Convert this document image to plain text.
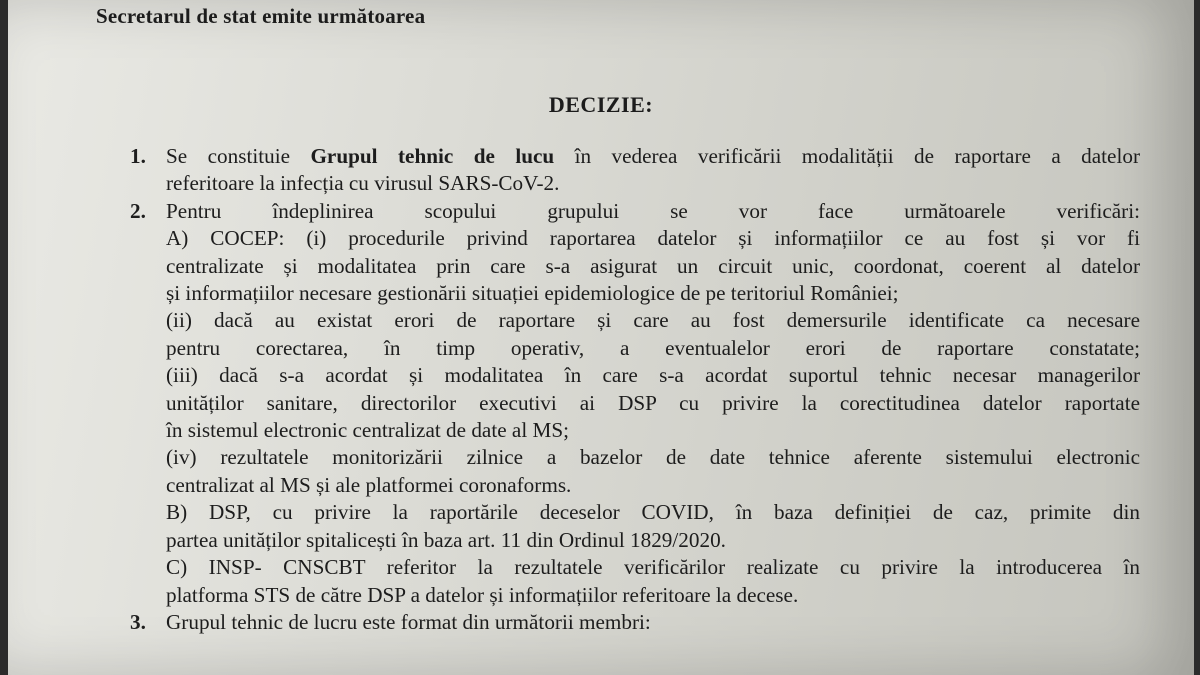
Secretarul de stat emite următoarea
DECIZIE:
1. Se constituie Grupul tehnic de lucu în vederea verificării modalității de raportare a datelor
referitoare la infecția cu virusul SARS-CoV-2.
2. Pentru îndeplinirea scopului grupului se vor face următoarele verificări:
A) COCEP: (i) procedurile privind raportarea datelor și informațiilor ce au fost și vor fi
centralizate și modalitatea prin care s-a asigurat un circuit unic, coordonat, coerent al datelor
și informațiilor necesare gestionării situației epidemiologice de pe teritoriul României;
(ii) dacă au existat erori de raportare și care au fost demersurile identificate ca necesare
pentru corectarea, în timp operativ, a eventualelor erori de raportare constatate;
(iii) dacă s-a acordat și modalitatea în care s-a acordat suportul tehnic necesar managerilor
unităților sanitare, directorilor executivi ai DSP cu privire la corectitudinea datelor raportate
în sistemul electronic centralizat de date al MS;
(iv) rezultatele monitorizării zilnice a bazelor de date tehnice aferente sistemului electronic
centralizat al MS și ale platformei coronaforms.
B) DSP, cu privire la raportările deceselor COVID, în baza definiției de caz, primite din
partea unităților spitalicești în baza art. 11 din Ordinul 1829/2020.
C) INSP- CNSCBT referitor la rezultatele verificărilor realizate cu privire la introducerea în
platforma STS de către DSP a datelor și informațiilor referitoare la decese.
3. Grupul tehnic de lucru este format din următorii membri:
